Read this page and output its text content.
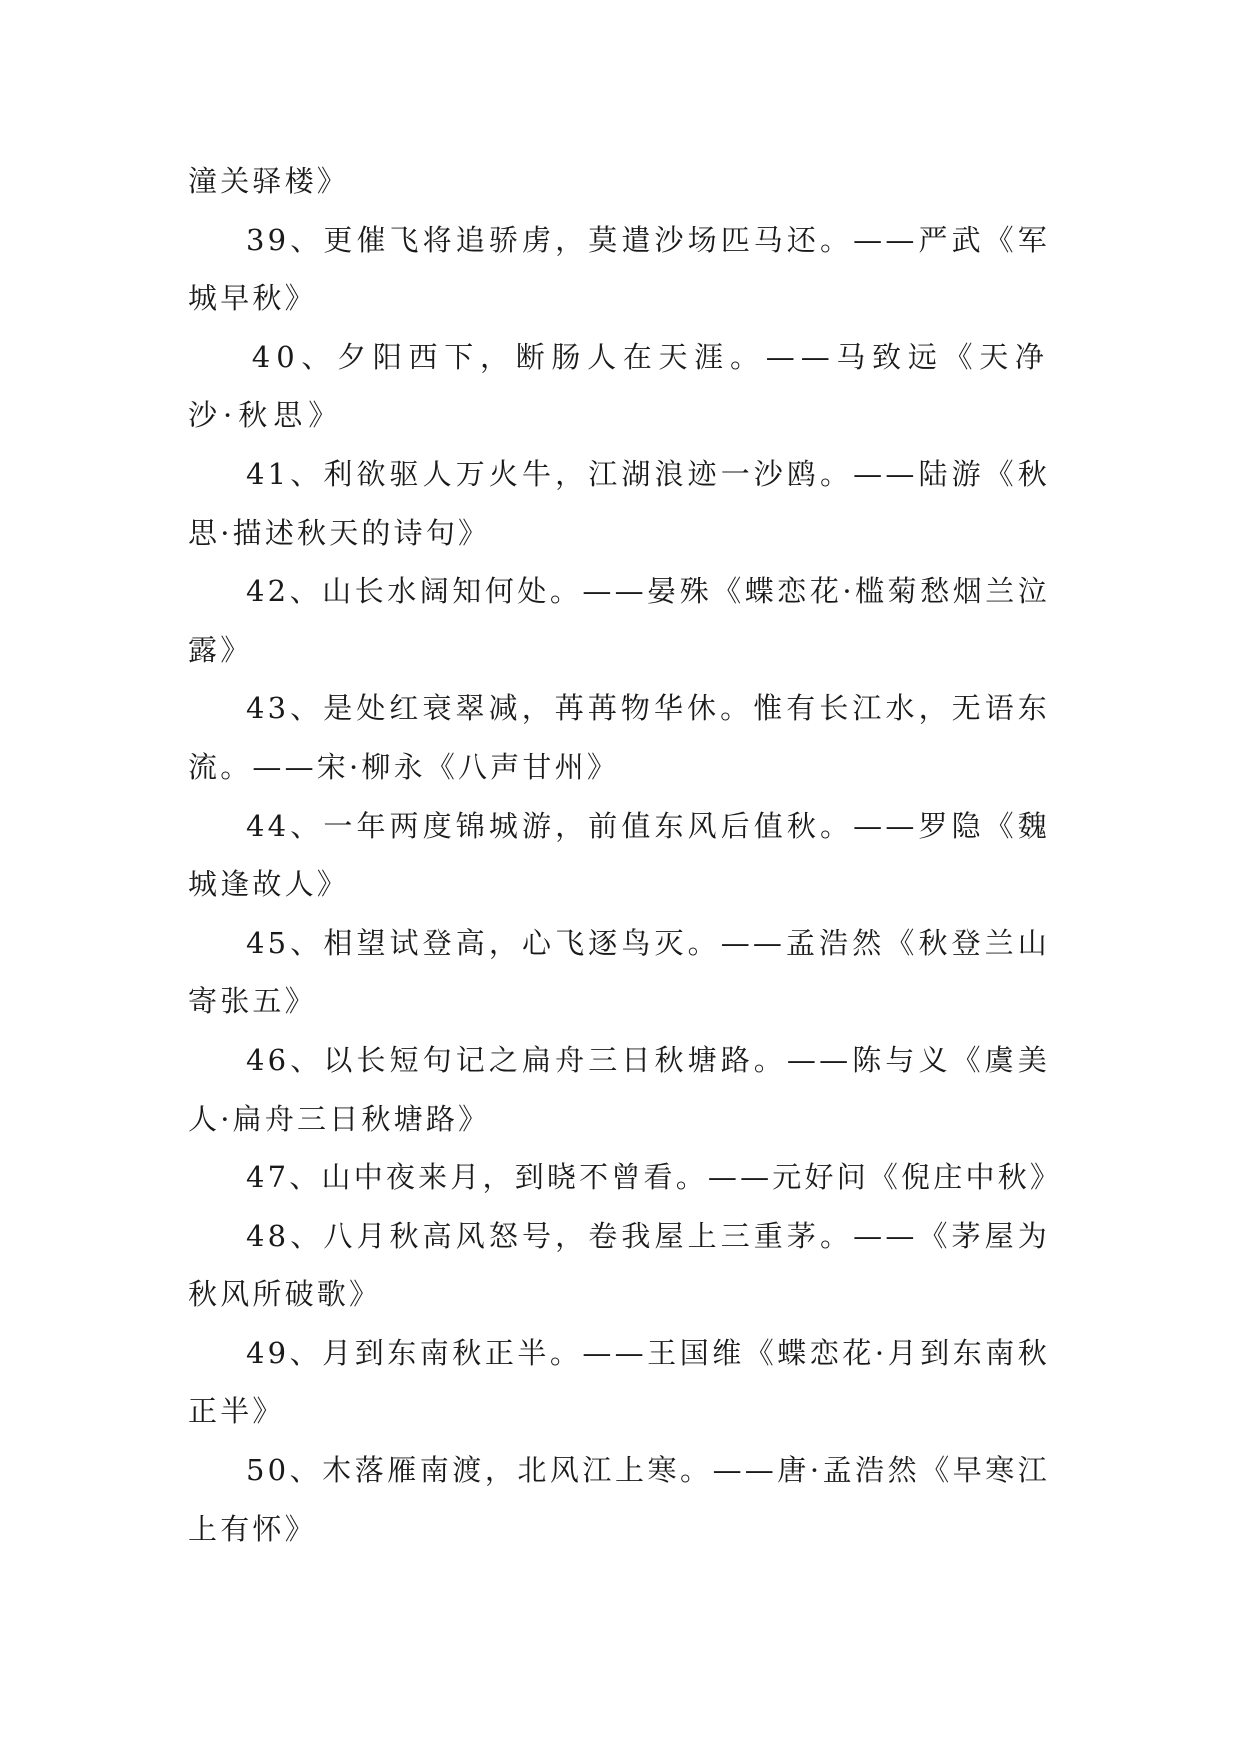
潼关驿楼》

39、更催飞将追骄虏，莫遣沙场匹马还。——严武《军城早秋》

40、夕阳西下，断肠人在天涯。——马致远《天净沙·秋思》

41、利欲驱人万火牛，江湖浪迹一沙鸥。——陆游《秋思·描述秋天的诗句》

42、山长水阔知何处。——晏殊《蝶恋花·槛菊愁烟兰泣露》

43、是处红衰翠减，苒苒物华休。惟有长江水，无语东流。——宋·柳永《八声甘州》

44、一年两度锦城游，前值东风后值秋。——罗隐《魏城逢故人》

45、相望试登高，心飞逐鸟灭。——孟浩然《秋登兰山寄张五》

46、以长短句记之扁舟三日秋塘路。——陈与义《虞美人·扁舟三日秋塘路》

47、山中夜来月，到晓不曾看。——元好问《倪庄中秋》

48、八月秋高风怒号，卷我屋上三重茅。——《茅屋为秋风所破歌》

49、月到东南秋正半。——王国维《蝶恋花·月到东南秋正半》

50、木落雁南渡，北风江上寒。——唐·孟浩然《早寒江上有怀》
